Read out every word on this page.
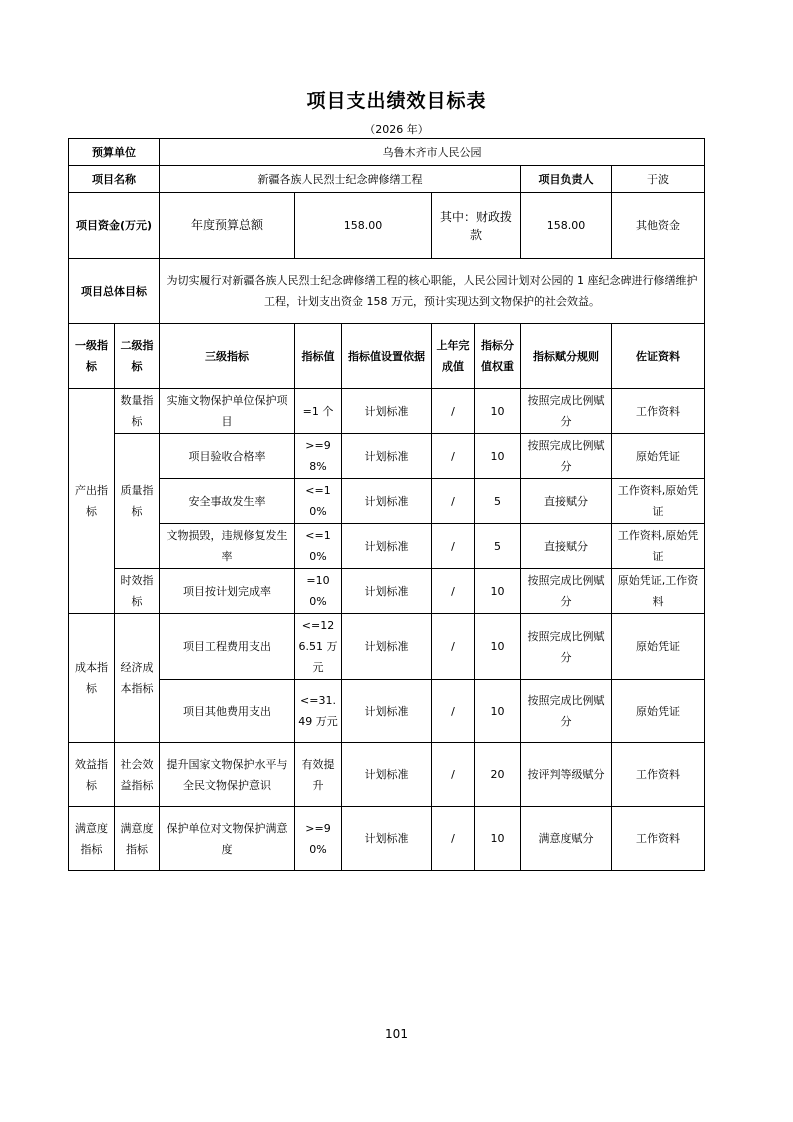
项目支出绩效目标表
（2026 年）
预算单位		乌鲁木齐市人民公园							
项目名称		新疆各族人民烈士纪念碑修缮工程					项目负责人	于波	
项目资金(万元)		年度预算总额	158.00		其中：财政拨款		158.00	其他资金	
项目总体目标		为切实履行对新疆各族人民烈士纪念碑修缮工程的核心职能，人民公园计划对公园的 1 座纪念碑进行修缮维护工程，计划支出资金 158 万元，预计实现达到文物保护的社会效益。							
一级指标	二级指标	三级指标	指标值	指标值设置依据	上年完成值	指标分值权重	指标赋分规则	佐证资料	
产出指标	数量指标	实施文物保护单位保护项目	=1 个	计划标准	/	10	按照完成比例赋分	工作资料	
	质量指标	项目验收合格率	>=98%	计划标准	/	10	按照完成比例赋分	原始凭证	
		安全事故发生率	<=10%	计划标准	/	5	直接赋分	工作资料,原始凭证	
		文物损毁，违规修复发生率	<=10%	计划标准	/	5	直接赋分	工作资料,原始凭证	
	时效指标	项目按计划完成率	=100%	计划标准	/	10	按照完成比例赋分	原始凭证,工作资料	
成本指标	经济成本指标	项目工程费用支出	<=126.51 万元	计划标准	/	10	按照完成比例赋分	原始凭证	
		项目其他费用支出	<=31.49 万元	计划标准	/	10	按照完成比例赋分	原始凭证	
效益指标	社会效益指标	提升国家文物保护水平与全民文物保护意识	有效提升	计划标准	/	20	按评判等级赋分	工作资料	
满意度指标	满意度指标	保护单位对文物保护满意度	>=90%	计划标准	/	10	满意度赋分	工作资料	
101
